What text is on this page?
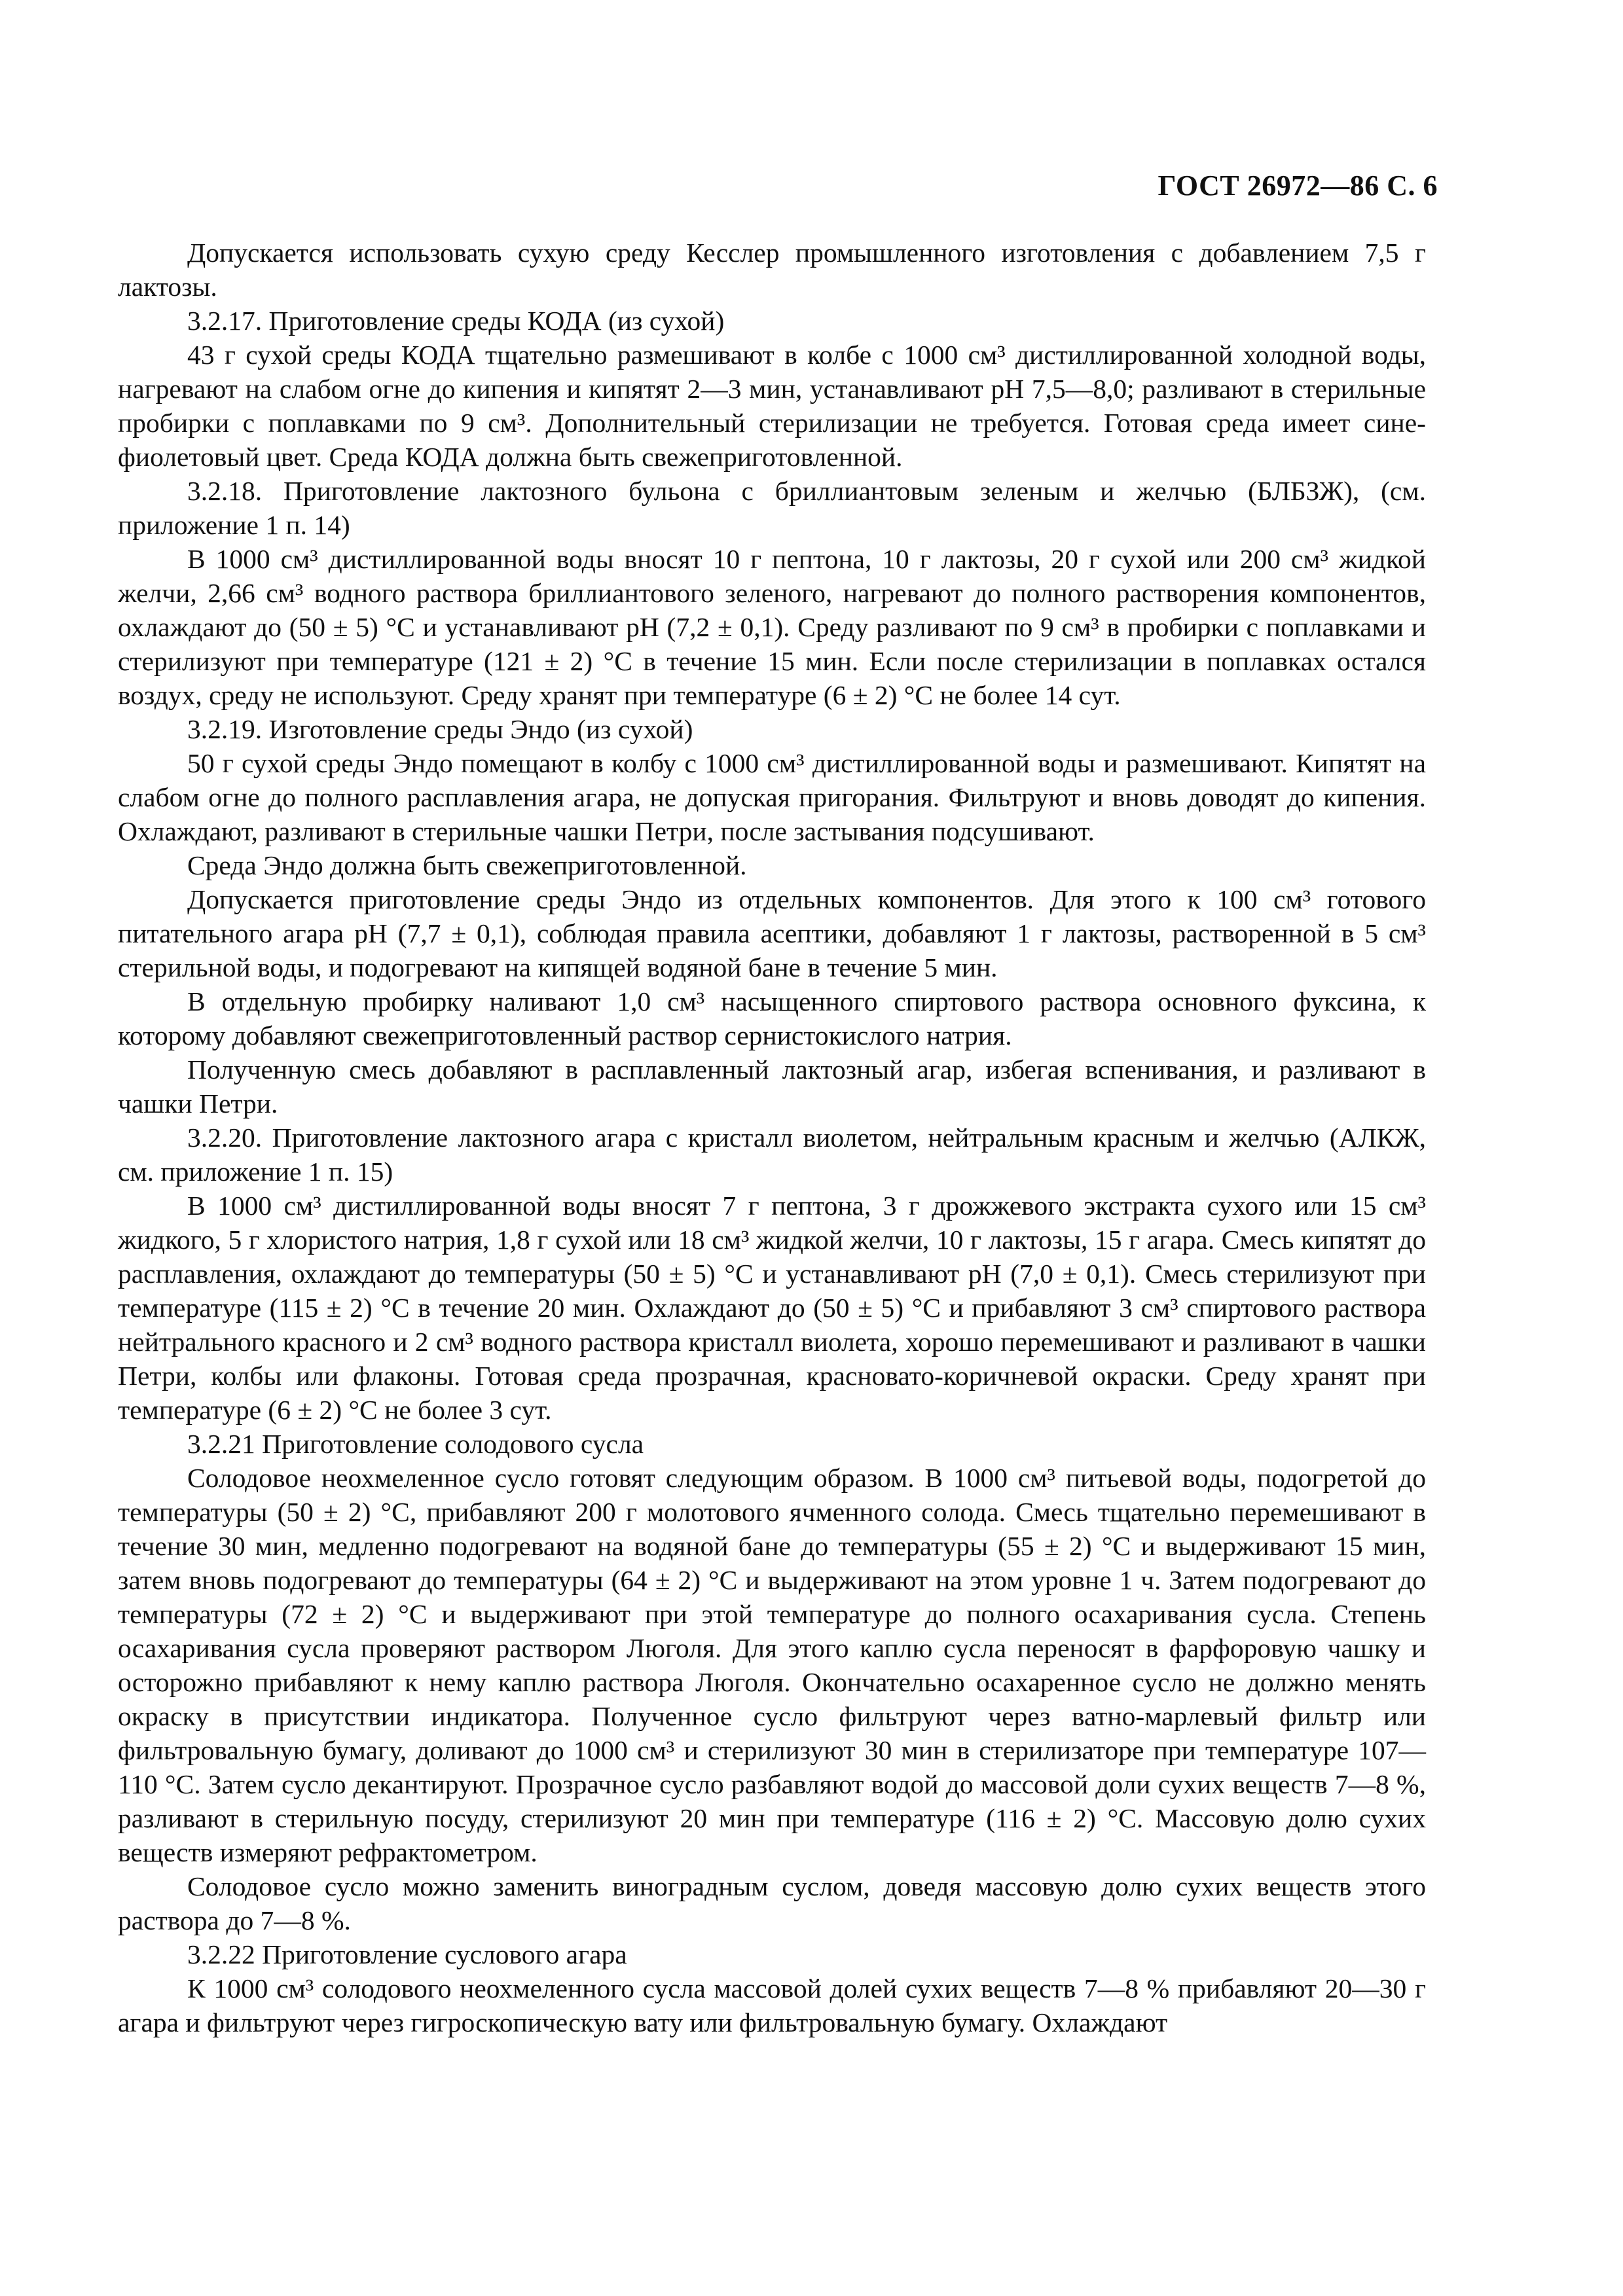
ГОСТ 26972—86 С. 6

Допускается использовать сухую среду Кесслер промышленного изготовления с добавлением 7,5 г лактозы.

3.2.17. Приготовление среды КОДА (из сухой)

43 г сухой среды КОДА тщательно размешивают в колбе с 1000 см³ дистиллированной холодной воды, нагревают на слабом огне до кипения и кипятят 2—3 мин, устанавливают pH 7,5—8,0; разливают в стерильные пробирки с поплавками по 9 см³. Дополнительный стерилизации не требуется. Готовая среда имеет сине-фиолетовый цвет. Среда КОДА должна быть свежеприготовленной.

3.2.18. Приготовление лактозного бульона с бриллиантовым зеленым и желчью (БЛБЗЖ), (см. приложение 1 п. 14)

В 1000 см³ дистиллированной воды вносят 10 г пептона, 10 г лактозы, 20 г сухой или 200 см³ жидкой желчи, 2,66 см³ водного раствора бриллиантового зеленого, нагревают до полного растворения компонентов, охлаждают до (50 ± 5) °С и устанавливают pH (7,2 ± 0,1). Среду разливают по 9 см³ в пробирки с поплавками и стерилизуют при температуре (121 ± 2) °С в течение 15 мин. Если после стерилизации в поплавках остался воздух, среду не используют. Среду хранят при температуре (6 ± 2) °С не более 14 сут.

3.2.19. Изготовление среды Эндо (из сухой)

50 г сухой среды Эндо помещают в колбу с 1000 см³ дистиллированной воды и размешивают. Кипятят на слабом огне до полного расплавления агара, не допуская пригорания. Фильтруют и вновь доводят до кипения. Охлаждают, разливают в стерильные чашки Петри, после застывания подсушивают.

Среда Эндо должна быть свежеприготовленной.

Допускается приготовление среды Эндо из отдельных компонентов. Для этого к 100 см³ готового питательного агара pH (7,7 ± 0,1), соблюдая правила асептики, добавляют 1 г лактозы, растворенной в 5 см³ стерильной воды, и подогревают на кипящей водяной бане в течение 5 мин.

В отдельную пробирку наливают 1,0 см³ насыщенного спиртового раствора основного фуксина, к которому добавляют свежеприготовленный раствор сернистокислого натрия.

Полученную смесь добавляют в расплавленный лактозный агар, избегая вспенивания, и разливают в чашки Петри.

3.2.20. Приготовление лактозного агара с кристалл виолетом, нейтральным красным и желчью (АЛКЖ, см. приложение 1 п. 15)

В 1000 см³ дистиллированной воды вносят 7 г пептона, 3 г дрожжевого экстракта сухого или 15 см³ жидкого, 5 г хлористого натрия, 1,8 г сухой или 18 см³ жидкой желчи, 10 г лактозы, 15 г агара. Смесь кипятят до расплавления, охлаждают до температуры (50 ± 5) °С и устанавливают pH (7,0 ± 0,1). Смесь стерилизуют при температуре (115 ± 2) °С в течение 20 мин. Охлаждают до (50 ± 5) °С и прибавляют 3 см³ спиртового раствора нейтрального красного и 2 см³ водного раствора кристалл виолета, хорошо перемешивают и разливают в чашки Петри, колбы или флаконы. Готовая среда прозрачная, красновато-коричневой окраски. Среду хранят при температуре (6 ± 2) °С не более 3 сут.

3.2.21 Приготовление солодового сусла

Солодовое неохмеленное сусло готовят следующим образом. В 1000 см³ питьевой воды, подогретой до температуры (50 ± 2) °С, прибавляют 200 г молотового ячменного солода. Смесь тщательно перемешивают в течение 30 мин, медленно подогревают на водяной бане до температуры (55 ± 2) °С и выдерживают 15 мин, затем вновь подогревают до температуры (64 ± 2) °С и выдерживают на этом уровне 1 ч. Затем подогревают до температуры (72 ± 2) °С и выдерживают при этой температуре до полного осахаривания сусла. Степень осахаривания сусла проверяют раствором Люголя. Для этого каплю сусла переносят в фарфоровую чашку и осторожно прибавляют к нему каплю раствора Люголя. Окончательно осахаренное сусло не должно менять окраску в присутствии индикатора. Полученное сусло фильтруют через ватно-марлевый фильтр или фильтровальную бумагу, доливают до 1000 см³ и стерилизуют 30 мин в стерилизаторе при температуре 107—110 °С. Затем сусло декантируют. Прозрачное сусло разбавляют водой до массовой доли сухих веществ 7—8 %, разливают в стерильную посуду, стерилизуют 20 мин при температуре (116 ± 2) °С. Массовую долю сухих веществ измеряют рефрактометром.

Солодовое сусло можно заменить виноградным суслом, доведя массовую долю сухих веществ этого раствора до 7—8 %.

3.2.22 Приготовление суслового агара

К 1000 см³ солодового неохмеленного сусла массовой долей сухих веществ 7—8 % прибавляют 20—30 г агара и фильтруют через гигроскопическую вату или фильтровальную бумагу. Охлаждают
